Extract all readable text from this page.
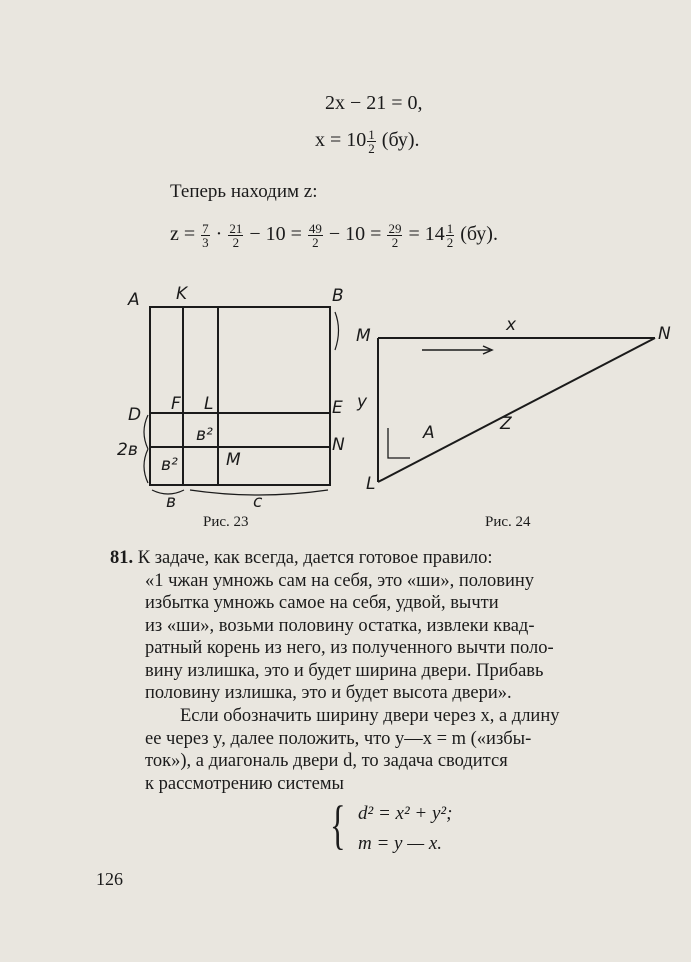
2x − 21 = 0,
$x = 10 \frac{1}{2} (бу)$.
Теперь находим z:
$z = \frac{7}{3} \cdot \frac{21}{2} - 10 = \frac{49}{2} - 10 = \frac{29}{2} = 14 \frac{1}{2} (бу)$.
A K	B
D
F L	E
в²
2в	N
в²	M
в	c
Рис. 23
M
x	N
y
A	Z
L
Рис. 24
81. К задаче, как всегда, дается готовое правило:
«1 чжан умножь сам на себя, это «ши», половину
избытка умножь самое на себя, удвой, вычти
из «ши», возьми половину остатка, извлеки квад-
ратный корень из него, из полученного вычти поло-
вину излишка, это и будет ширина двери. Прибавь
половину излишка, это и будет высота двери».
Если обозначить ширину двери через x, а длину
ее через y, далее положить, что y—x = m («избы-
ток»), а диагональ двери d, то задача сводится
к рассмотрению системы
{ d² = x² + y²;
m = y — x.
126
